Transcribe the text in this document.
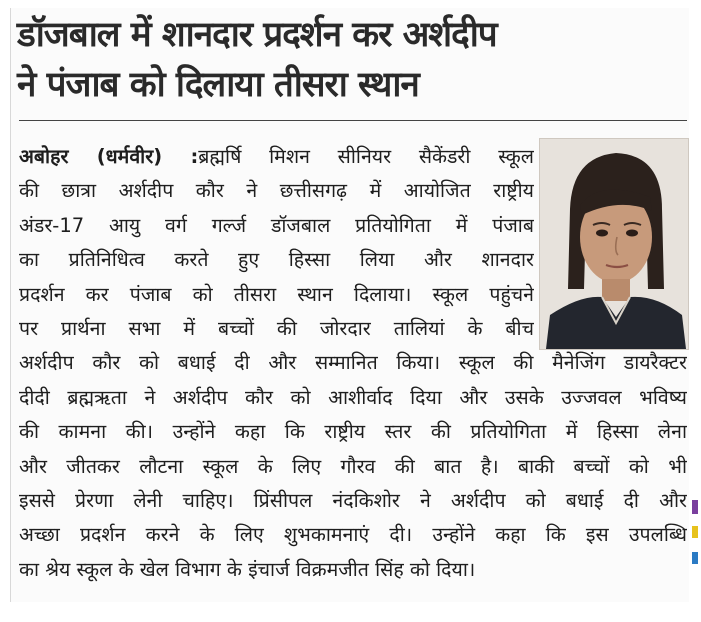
डॉजबाल में शानदार प्रदर्शन कर अर्शदीप
ने पंजाब को दिलाया तीसरा स्थान
अबोहर (धर्मवीर) :ब्रह्मर्षि मिशन सीनियर सैकेंडरी स्कूल
की छात्रा अर्शदीप कौर ने छत्तीसगढ़ में आयोजित राष्ट्रीय
अंडर-17 आयु वर्ग गर्ल्ज डॉजबाल प्रतियोगिता में पंजाब
का प्रतिनिधित्व करते हुए हिस्सा लिया और शानदार
प्रदर्शन कर पंजाब को तीसरा स्थान दिलाया। स्कूल पहुंचने
पर प्रार्थना सभा में बच्चों की जोरदार तालियां के बीच
अर्शदीप कौर को बधाई दी और सम्मानित किया। स्कूल की मैनेजिंग डायरैक्टर
दीदी ब्रह्मऋता ने अर्शदीप कौर को आशीर्वाद दिया और उसके उज्जवल भविष्य
की कामना की। उन्होंने कहा कि राष्ट्रीय स्तर की प्रतियोगिता में हिस्सा लेना
और जीतकर लौटना स्कूल के लिए गौरव की बात है। बाकी बच्चों को भी
इससे प्रेरणा लेनी चाहिए। प्रिंसीपल नंदकिशोर ने अर्शदीप को बधाई दी और
अच्छा प्रदर्शन करने के लिए शुभकामनाएं दी। उन्होंने कहा कि इस उपलब्धि
का श्रेय स्कूल के खेल विभाग के इंचार्ज विक्रमजीत सिंह को दिया।
